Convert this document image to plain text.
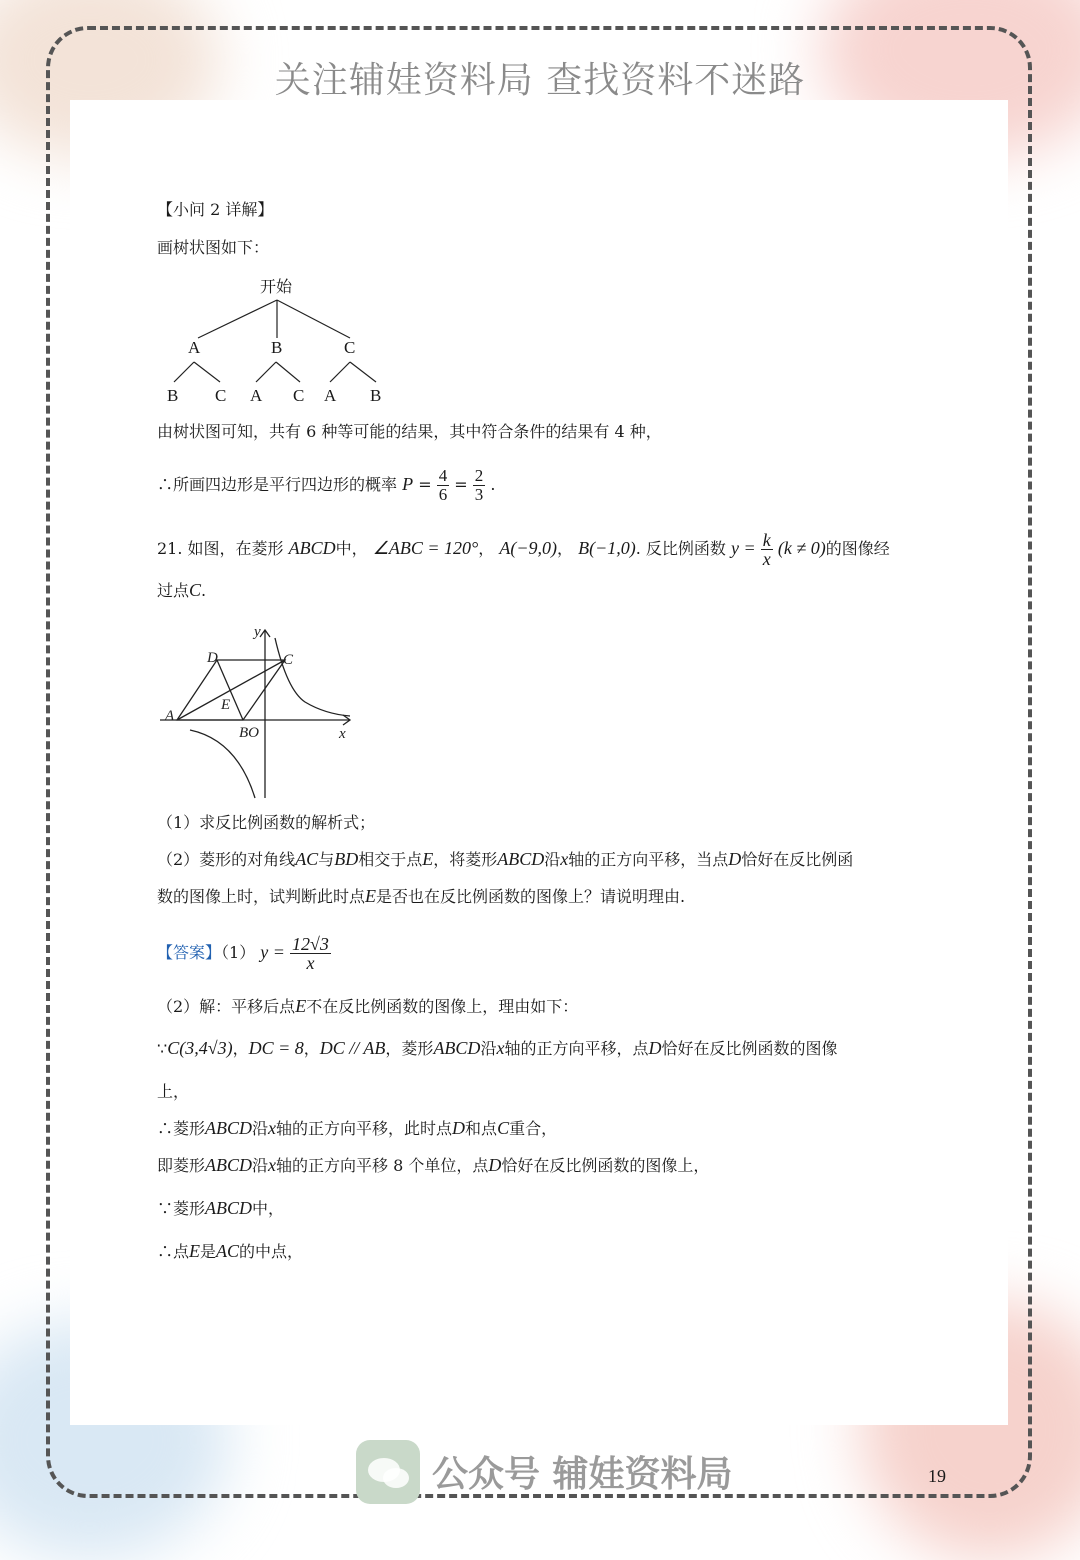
关注辅娃资料局 查找资料不迷路
【小问 2 详解】
画树状图如下：
开始
A	B	C
B C A C A B
由树状图可知，共有 6 种等可能的结果，其中符合条件的结果有 4 种，
∴所画四边形是平行四边形的概率 $P = \frac{4}{6} = \frac{2}{3}$ .
21. 如图，在菱形 ABCD中， ∠ABC = 120°， A(−9,0)， B(−1,0). 反比例函数 $y = \frac{k}{x} (k \ne 0)$的图像经
过点C.
y
x
D	C
A
E
BO
（1）求反比例函数的解析式；
（2）菱形的对角线AC与BD相交于点E，将菱形ABCD沿x轴的正方向平移，当点D恰好在反比例函
数的图像上时，试判断此时点E是否也在反比例函数的图像上？请说明理由.
【答案】（1） $y = \frac{12√3}{x}$
（2）解：平移后点E不在反比例函数的图像上，理由如下：
∵C(3,4√3)，DC = 8，DC // AB，菱形ABCD沿x轴的正方向平移，点D恰好在反比例函数的图像
上，
∴菱形ABCD沿x轴的正方向平移，此时点D和点C重合，
即菱形ABCD沿x轴的正方向平移 8 个单位，点D恰好在反比例函数的图像上，
∵菱形ABCD中，
∴点E是AC的中点，
公众号 辅娃资料局	19
